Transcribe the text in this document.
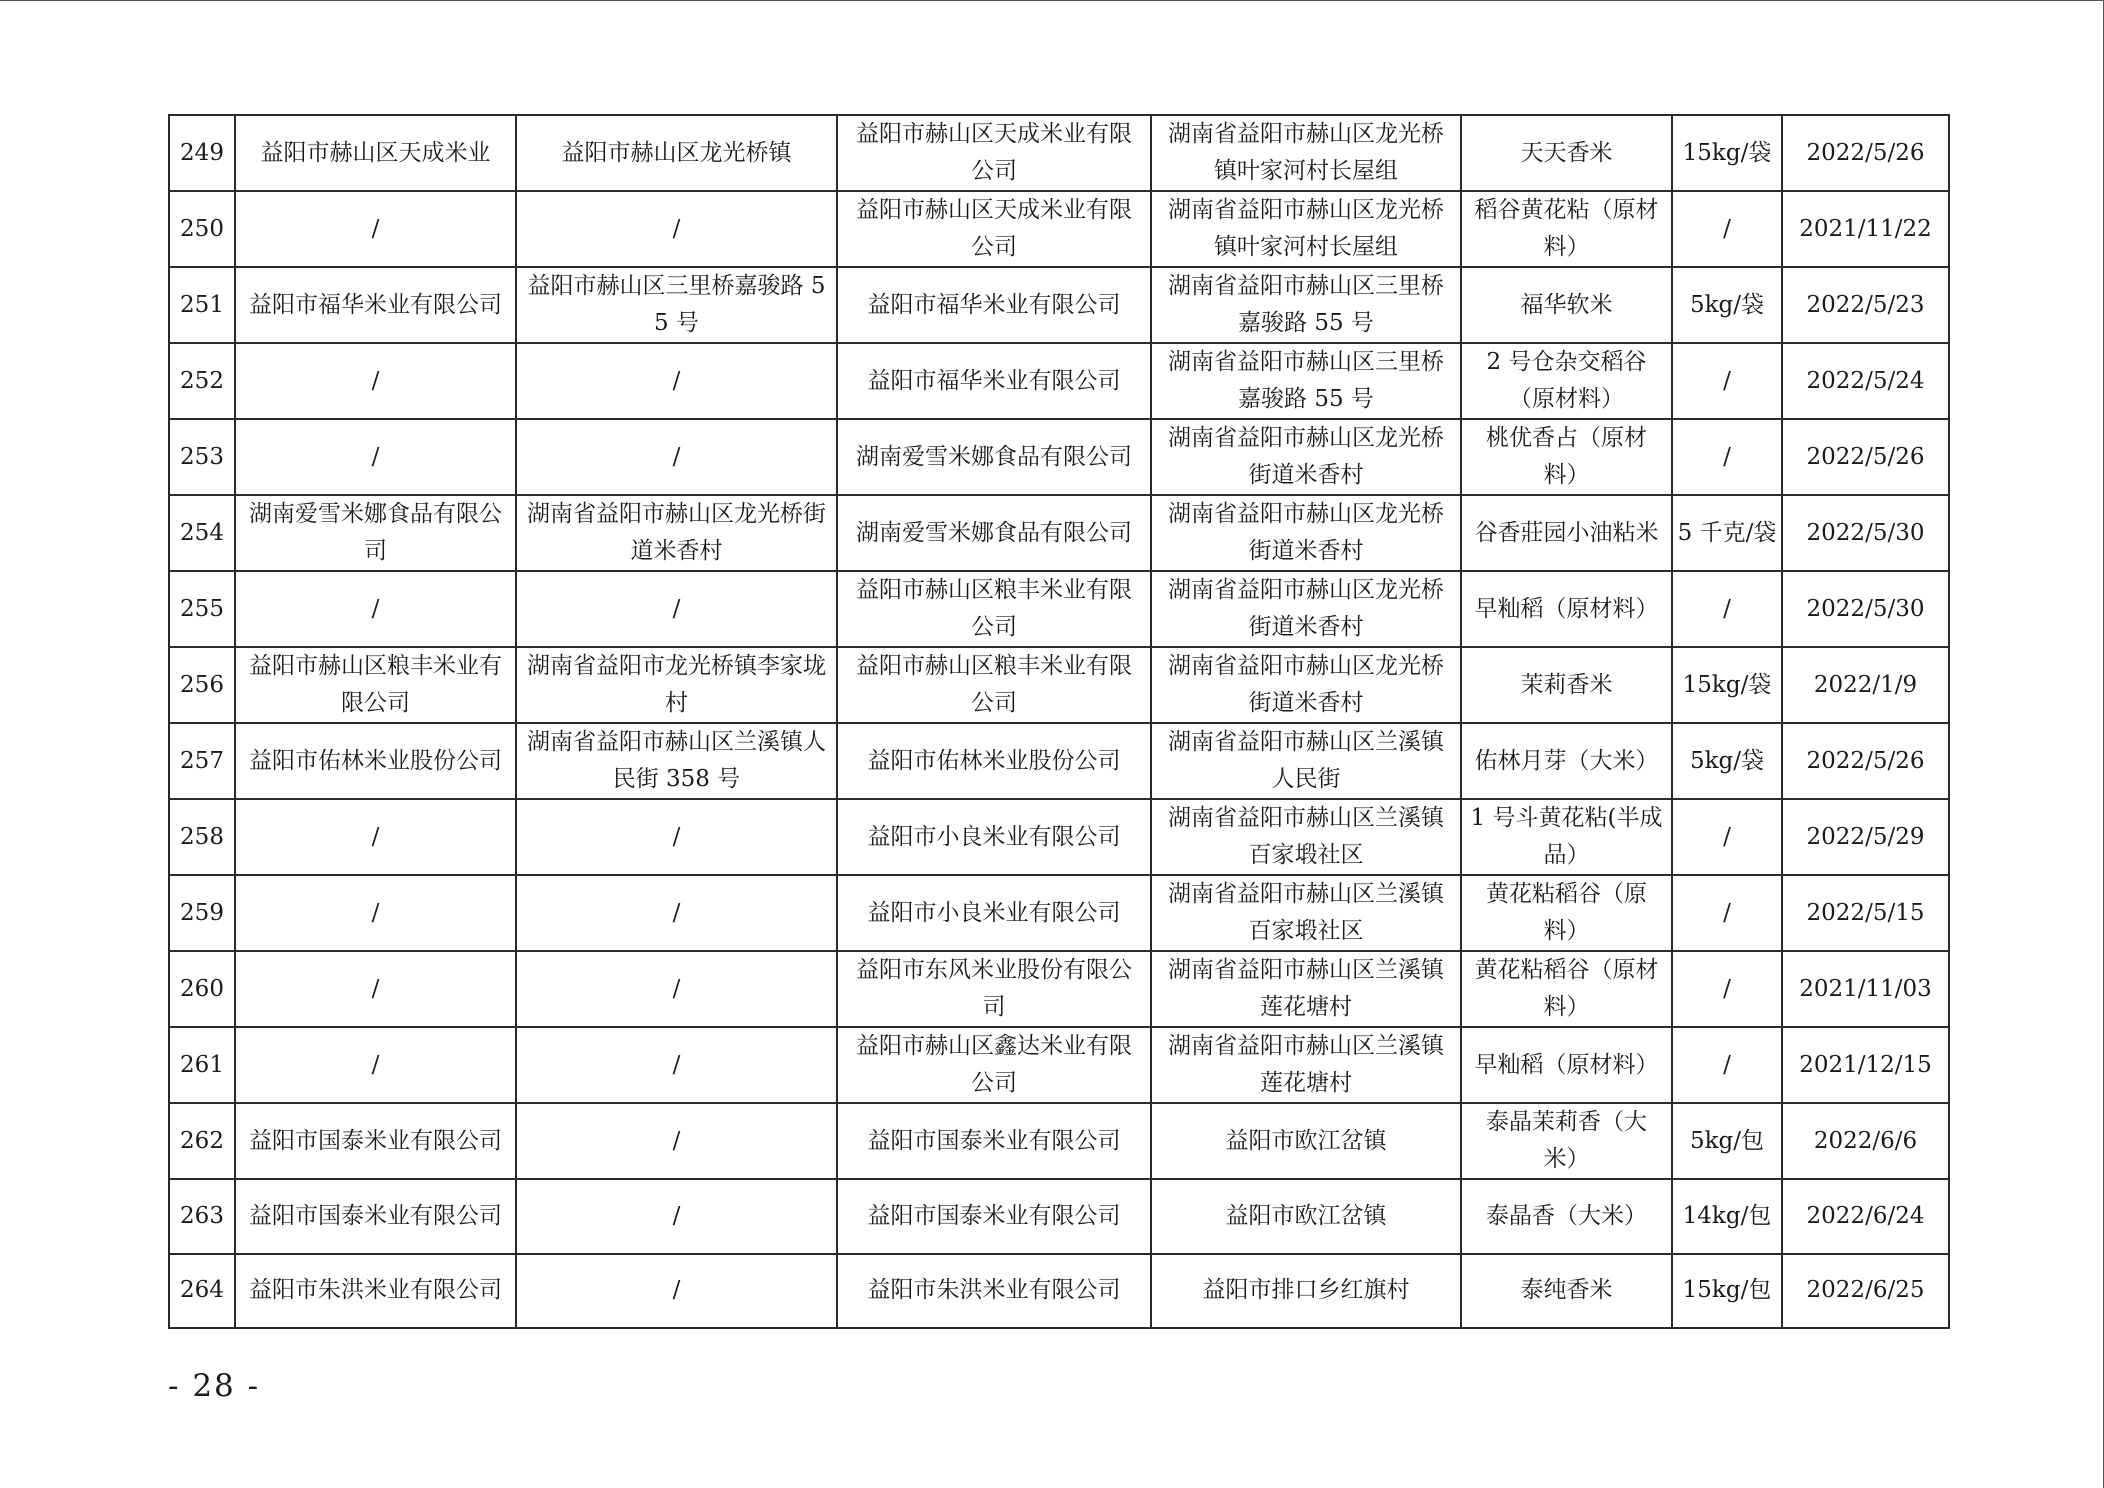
249	益阳市赫山区天成米业	益阳市赫山区龙光桥镇	益阳市赫山区天成米业有限公司	湖南省益阳市赫山区龙光桥镇叶家河村长屋组	天天香米	15kg/袋	2022/5/26
250	/	/	益阳市赫山区天成米业有限公司	湖南省益阳市赫山区龙光桥镇叶家河村长屋组	稻谷黄花粘（原材料）	/	2021/11/22
251	益阳市福华米业有限公司	益阳市赫山区三里桥嘉骏路 55 号	益阳市福华米业有限公司	湖南省益阳市赫山区三里桥嘉骏路 55 号	福华软米	5kg/袋	2022/5/23
252	/	/	益阳市福华米业有限公司	湖南省益阳市赫山区三里桥嘉骏路 55 号	2 号仓杂交稻谷（原材料）	/	2022/5/24
253	/	/	湖南爱雪米娜食品有限公司	湖南省益阳市赫山区龙光桥街道米香村	桃优香占（原材料）	/	2022/5/26
254	湖南爱雪米娜食品有限公司	湖南省益阳市赫山区龙光桥街道米香村	湖南爱雪米娜食品有限公司	湖南省益阳市赫山区龙光桥街道米香村	谷香莊园小油粘米	5 千克/袋	2022/5/30
255	/	/	益阳市赫山区粮丰米业有限公司	湖南省益阳市赫山区龙光桥街道米香村	早籼稻（原材料）	/	2022/5/30
256	益阳市赫山区粮丰米业有限公司	湖南省益阳市龙光桥镇李家垅村	益阳市赫山区粮丰米业有限公司	湖南省益阳市赫山区龙光桥街道米香村	茉莉香米	15kg/袋	2022/1/9
257	益阳市佑林米业股份公司	湖南省益阳市赫山区兰溪镇人民街 358 号	益阳市佑林米业股份公司	湖南省益阳市赫山区兰溪镇人民街	佑林月芽（大米）	5kg/袋	2022/5/26
258	/	/	益阳市小良米业有限公司	湖南省益阳市赫山区兰溪镇百家塅社区	1 号斗黄花粘(半成品）	/	2022/5/29
259	/	/	益阳市小良米业有限公司	湖南省益阳市赫山区兰溪镇百家塅社区	黄花粘稻谷（原料）	/	2022/5/15
260	/	/	益阳市东风米业股份有限公司	湖南省益阳市赫山区兰溪镇莲花塘村	黄花粘稻谷（原材料）	/	2021/11/03
261	/	/	益阳市赫山区鑫达米业有限公司	湖南省益阳市赫山区兰溪镇莲花塘村	早籼稻（原材料）	/	2021/12/15
262	益阳市国泰米业有限公司	/	益阳市国泰米业有限公司	益阳市欧江岔镇	泰晶茉莉香（大米）	5kg/包	2022/6/6
263	益阳市国泰米业有限公司	/	益阳市国泰米业有限公司	益阳市欧江岔镇	泰晶香（大米）	14kg/包	2022/6/24
264	益阳市朱洪米业有限公司	/	益阳市朱洪米业有限公司	益阳市排口乡红旗村	泰纯香米	15kg/包	2022/6/25
- 28 -
